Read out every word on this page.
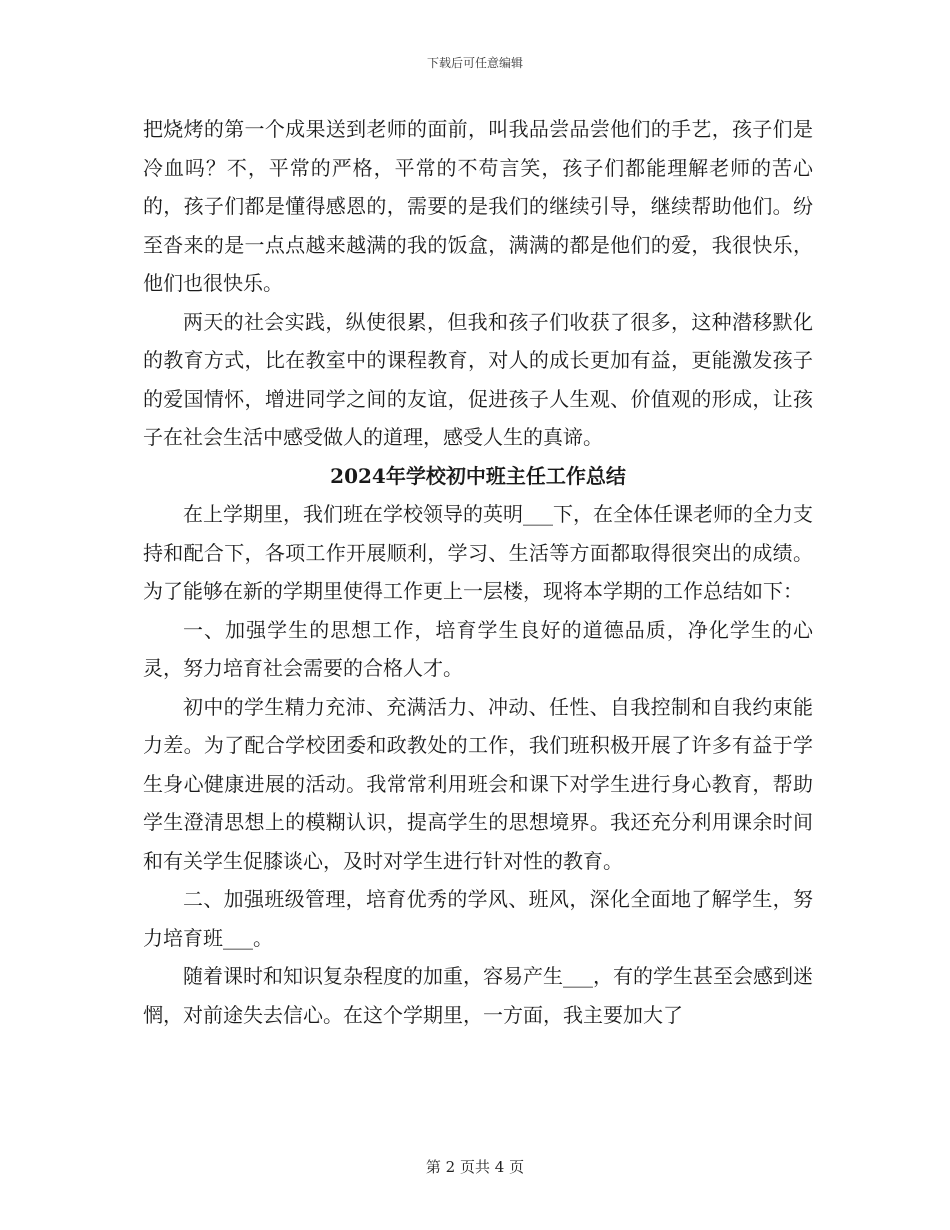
下载后可任意编辑

把烧烤的第一个成果送到老师的面前，叫我品尝品尝他们的手艺，孩子们是冷血吗？不，平常的严格，平常的不苟言笑，孩子们都能理解老师的苦心的，孩子们都是懂得感恩的，需要的是我们的继续引导，继续帮助他们。纷至沓来的是一点点越来越满的我的饭盒，满满的都是他们的爱，我很快乐，他们也很快乐。

两天的社会实践，纵使很累，但我和孩子们收获了很多，这种潜移默化的教育方式，比在教室中的课程教育，对人的成长更加有益，更能激发孩子的爱国情怀，增进同学之间的友谊，促进孩子人生观、价值观的形成，让孩子在社会生活中感受做人的道理，感受人生的真谛。

2024年学校初中班主任工作总结

在上学期里，我们班在学校领导的英明___下，在全体任课老师的全力支持和配合下，各项工作开展顺利，学习、生活等方面都取得很突出的成绩。为了能够在新的学期里使得工作更上一层楼，现将本学期的工作总结如下：

一、加强学生的思想工作，培育学生良好的道德品质，净化学生的心灵，努力培育社会需要的合格人才。

初中的学生精力充沛、充满活力、冲动、任性、自我控制和自我约束能力差。为了配合学校团委和政教处的工作，我们班积极开展了许多有益于学生身心健康进展的活动。我常常利用班会和课下对学生进行身心教育，帮助学生澄清思想上的模糊认识，提高学生的思想境界。我还充分利用课余时间和有关学生促膝谈心，及时对学生进行针对性的教育。

二、加强班级管理，培育优秀的学风、班风，深化全面地了解学生，努力培育班___。

随着课时和知识复杂程度的加重，容易产生___，有的学生甚至会感到迷惘，对前途失去信心。在这个学期里，一方面，我主要加大了

第 2 页共 4 页
